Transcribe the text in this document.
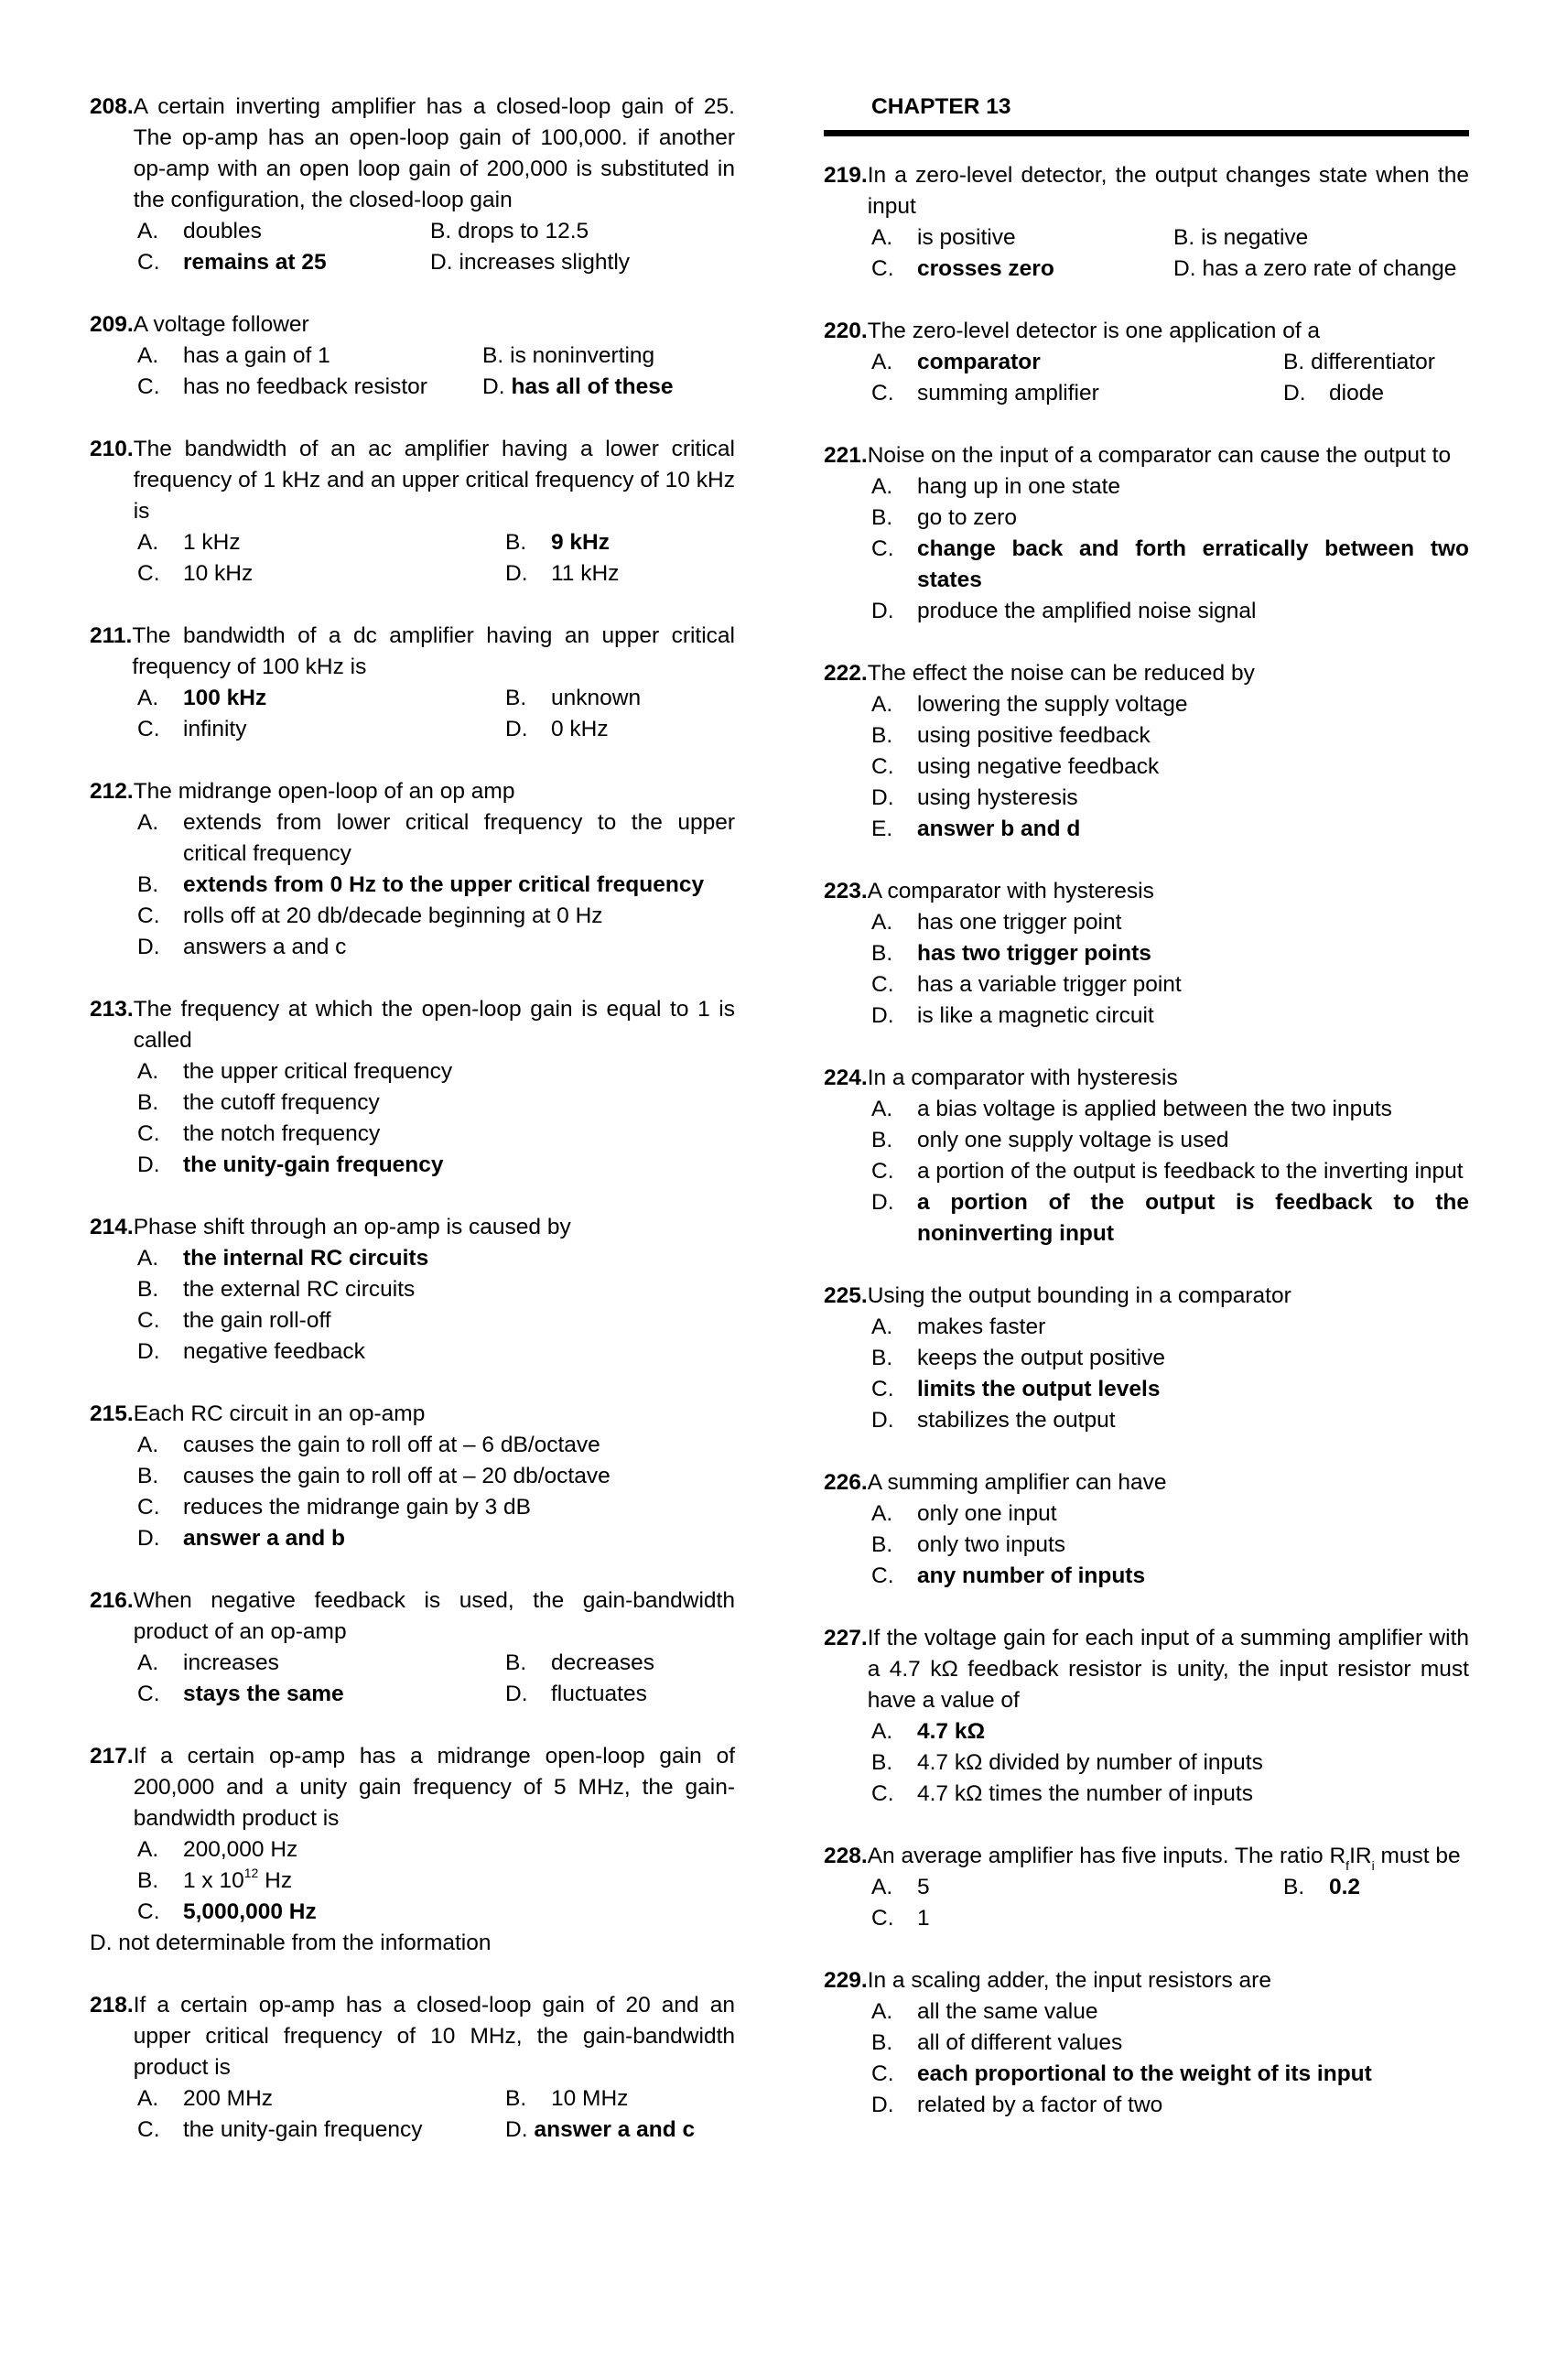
208. A certain inverting amplifier has a closed-loop gain of 25. The op-amp has an open-loop gain of 100,000. if another op-amp with an open loop gain of 200,000 is substituted in the configuration, the closed-loop gain
A.	doubles	B. drops to 12.5
C.	remains at 25	D. increases slightly
209. A voltage follower
A.	has a gain of 1	B. is noninverting
C.	has no feedback resistor D. has all of these
210. The bandwidth of an ac amplifier having a lower critical frequency of 1 kHz and an upper critical frequency of 10 kHz is
A.	1 kHz	B.	9 kHz
C.	10 kHz	D.	11 kHz
211. The bandwidth of a dc amplifier having an upper critical frequency of 100 kHz is
A.	100 kHz	B.	unknown
C.	infinity	D.	0 kHz
212. The midrange open-loop of an op amp
A.	extends from lower critical frequency to the upper critical frequency
B.	extends from 0 Hz to the upper critical frequency
C.	rolls off at 20 db/decade beginning at 0 Hz
D.	answers a and c
213. The frequency at which the open-loop gain is equal to 1 is called
A.	the upper critical frequency
B.	the cutoff frequency
C.	the notch frequency
D.	the unity-gain frequency
214. Phase shift through an op-amp is caused by
A.	the internal RC circuits
B.	the external RC circuits
C.	the gain roll-off
D.	negative feedback
215. Each RC circuit in an op-amp
A.	causes the gain to roll off at – 6 dB/octave
B.	causes the gain to roll off at – 20 db/octave
C.	reduces the midrange gain by 3 dB
D.	answer a and b
216. When negative feedback is used, the gain-bandwidth product of an op-amp
A.	increases	B.	decreases
C.	stays the same	D.	fluctuates
217. If a certain op-amp has a midrange open-loop gain of 200,000 and a unity gain frequency of 5 MHz, the gain-bandwidth product is
A.	200,000 Hz
B.	1 x $10^{12}$ Hz
C.	5,000,000 Hz
D. not determinable from the information
218. If a certain op-amp has a closed-loop gain of 20 and an upper critical frequency of 10 MHz, the gain-bandwidth product is
A.	200 MHz	B.	10 MHz
C.	the unity-gain frequency	D. answer a and c
CHAPTER 13
219. In a zero-level detector, the output changes state when the input
A.	is positive	B. is negative
C.	crosses zero	D. has a zero rate of change
220. The zero-level detector is one application of a
A.	comparator	B. differentiator
C.	summing amplifier	D.	diode
221. Noise on the input of a comparator can cause the output to
A.	hang up in one state
B.	go to zero
C.	change back and forth erratically between two states
D.	produce the amplified noise signal
222. The effect the noise can be reduced by
A.	lowering the supply voltage
B.	using positive feedback
C.	using negative feedback
D.	using hysteresis
E.	answer b and d
223. A comparator with hysteresis
A.	has one trigger point
B.	has two trigger points
C.	has a variable trigger point
D.	is like a magnetic circuit
224. In a comparator with hysteresis
A.	a bias voltage is applied between the two inputs
B.	only one supply voltage is used
C.	a portion of the output is feedback to the inverting input
D.	a portion of the output is feedback to the noninverting input
225. Using the output bounding in a comparator
A.	makes faster
B.	keeps the output positive
C.	limits the output levels
D.	stabilizes the output
226. A summing amplifier can have
A.	only one input
B.	only two inputs
C.	any number of inputs
227. If the voltage gain for each input of a summing amplifier with a 4.7 kΩ feedback resistor is unity, the input resistor must have a value of
A.	4.7 kΩ
B.	4.7 kΩ divided by number of inputs
C.	4.7 kΩ times the number of inputs
228. An average amplifier has five inputs. The ratio $R_fIR_i$ must be
A.	5	B.	0.2
C.	1
229. In a scaling adder, the input resistors are
A.	all the same value
B.	all of different values
C.	each proportional to the weight of its input
D.	related by a factor of two
